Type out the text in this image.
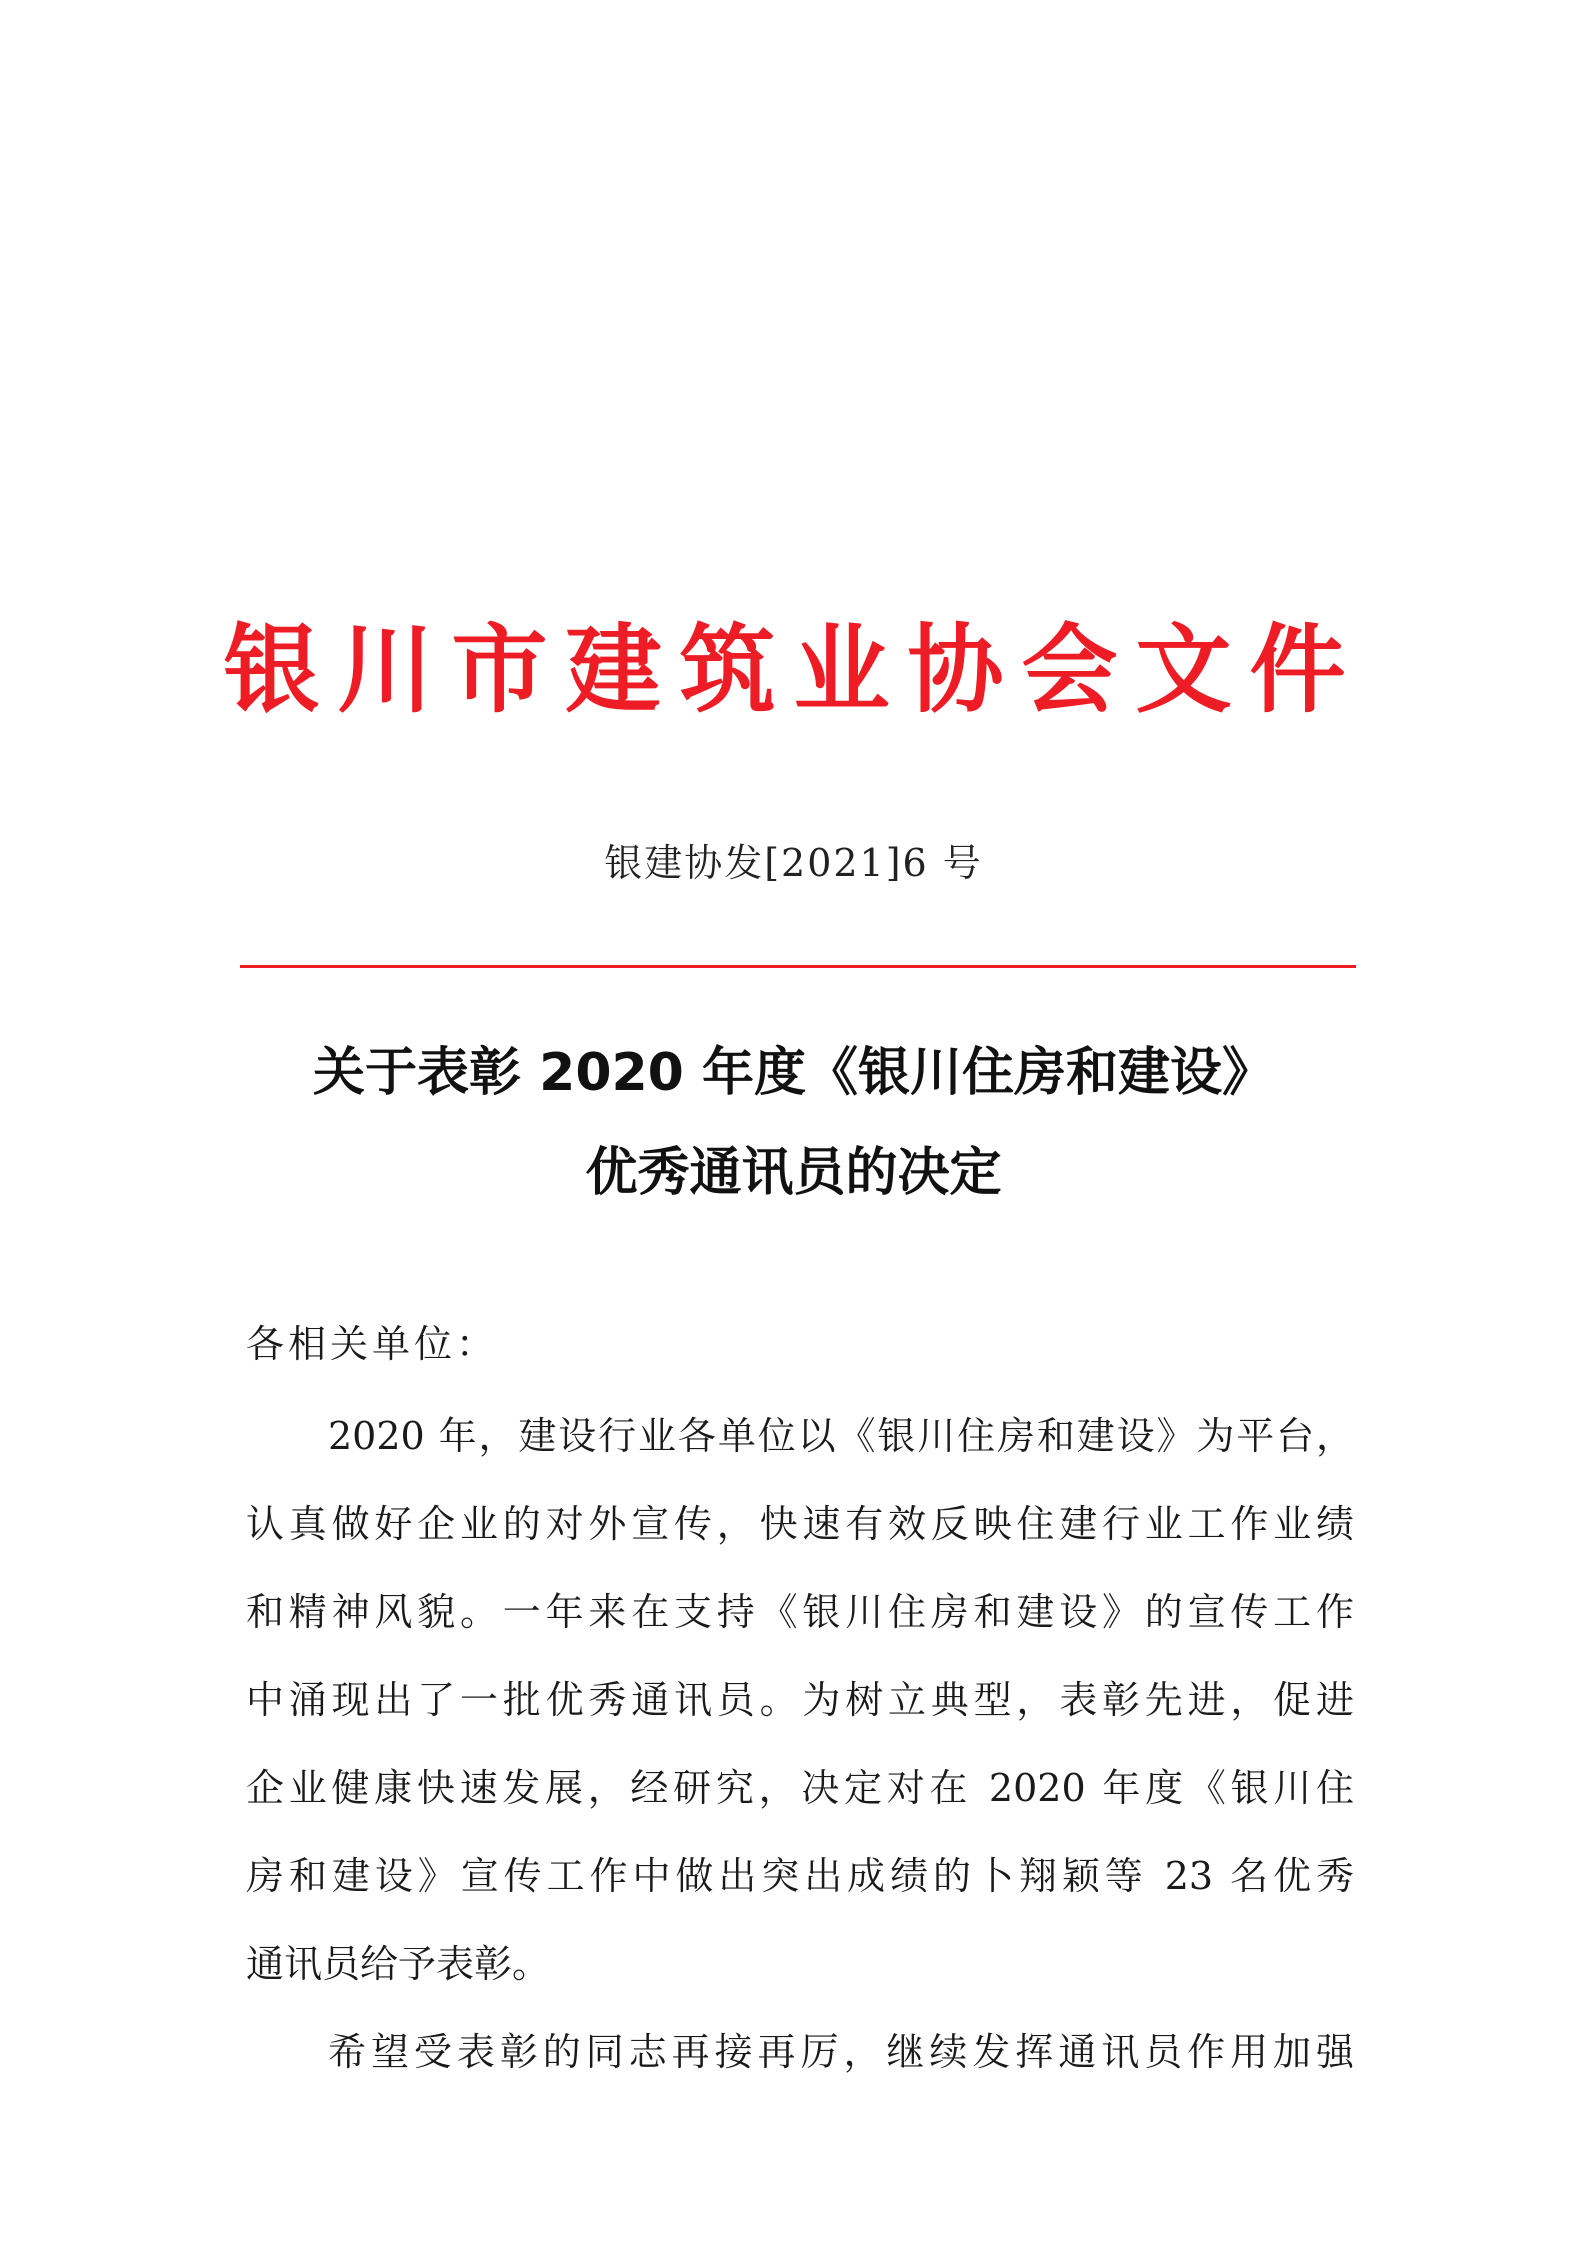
银川市建筑业协会文件
银建协发[2021]6 号
关于表彰 2020 年度《银川住房和建设》
优秀通讯员的决定
各相关单位：
2020 年，建设行业各单位以《银川住房和建设》为平台，
认真做好企业的对外宣传，快速有效反映住建行业工作业绩
和精神风貌。一年来在支持《银川住房和建设》的宣传工作
中涌现出了一批优秀通讯员。为树立典型，表彰先进，促进
企业健康快速发展，经研究，决定对在 2020 年度《银川住
房和建设》宣传工作中做出突出成绩的卜翔颖等 23 名优秀
通讯员给予表彰。
希望受表彰的同志再接再厉，继续发挥通讯员作用加强
